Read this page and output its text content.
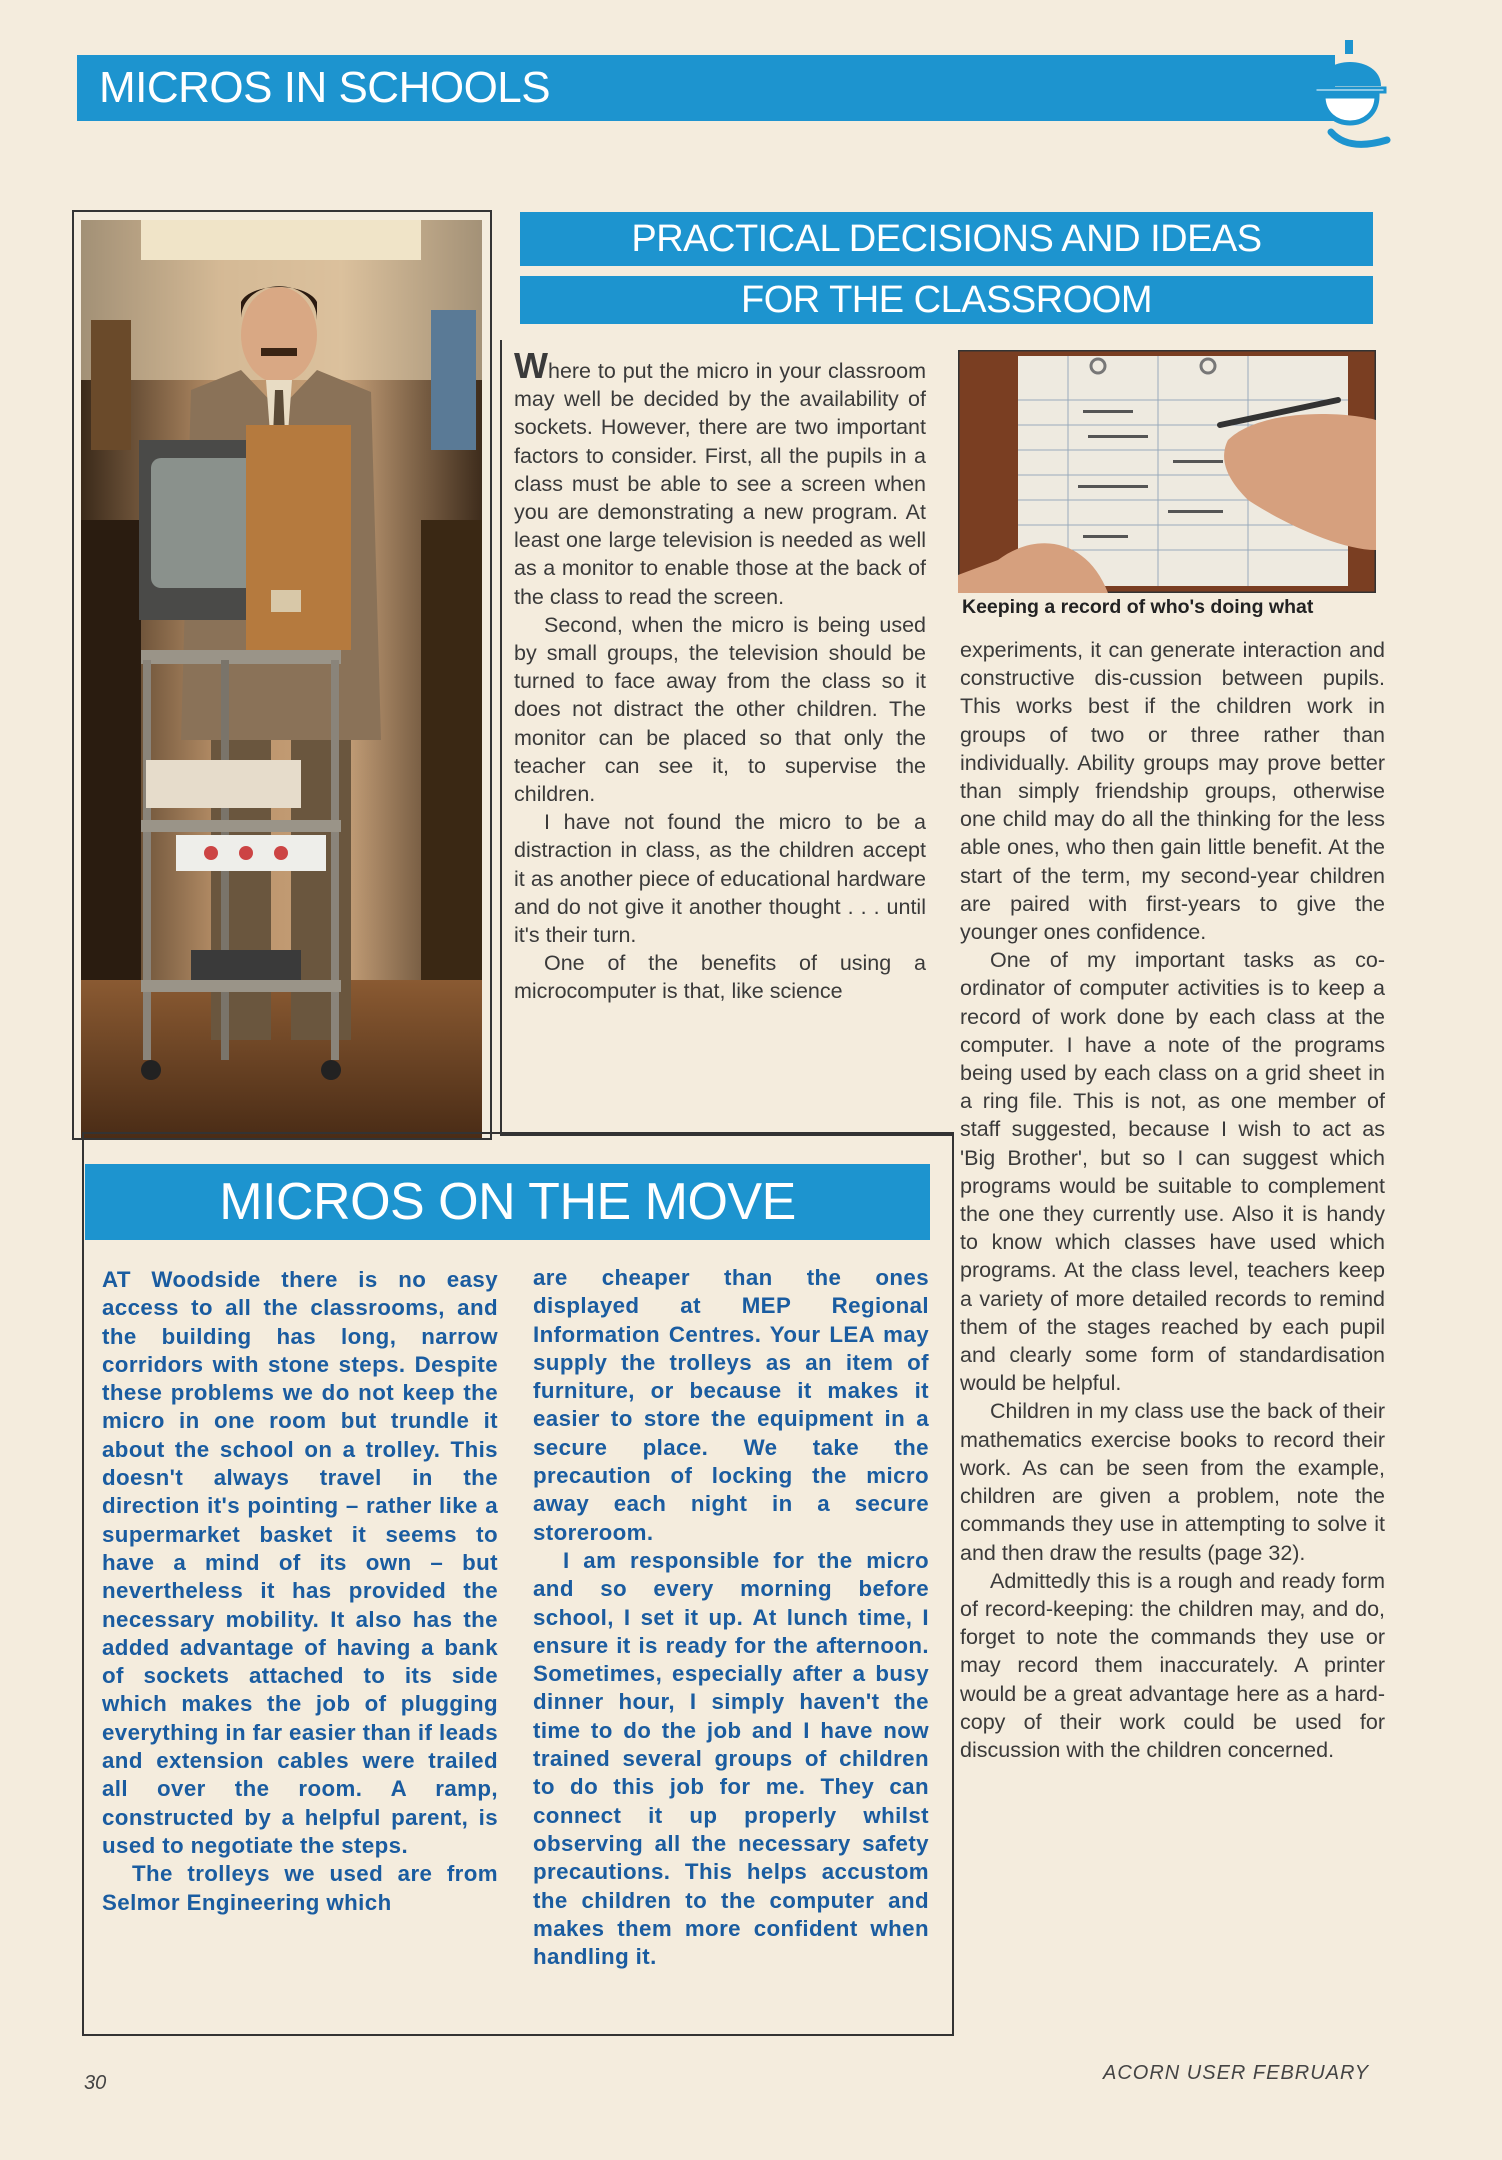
MICROS IN SCHOOLS
PRACTICAL DECISIONS AND IDEAS
FOR THE CLASSROOM

Where to put the micro in your classroom may well be decided by the availability of sockets. However, there are two important factors to consider. First, all the pupils in a class must be able to see a screen when you are demonstrating a new program. At least one large television is needed as well as a monitor to enable those at the back of the class to read the screen.

Second, when the micro is being used by small groups, the television should be turned to face away from the class so it does not distract the other children. The monitor can be placed so that only the teacher can see it, to supervise the children.

I have not found the micro to be a distraction in class, as the children accept it as another piece of educational hardware and do not give it another thought . . . until it's their turn.

One of the benefits of using a microcomputer is that, like science

Keeping a record of who's doing what

experiments, it can generate interaction and constructive dis-cussion between pupils. This works best if the children work in groups of two or three rather than individually. Ability groups may prove better than simply friendship groups, otherwise one child may do all the thinking for the less able ones, who then gain little benefit. At the start of the term, my second-year children are paired with first-years to give the younger ones confidence.

One of my important tasks as co-ordinator of computer activities is to keep a record of work done by each class at the computer. I have a note of the programs being used by each class on a grid sheet in a ring file. This is not, as one member of staff suggested, because I wish to act as 'Big Brother', but so I can suggest which programs would be suitable to complement the one they currently use. Also it is handy to know which classes have used which programs. At the class level, teachers keep a variety of more detailed records to remind them of the stages reached by each pupil and clearly some form of standardisation would be helpful.

Children in my class use the back of their mathematics exercise books to record their work. As can be seen from the example, children are given a problem, note the commands they use in attempting to solve it and then draw the results (page 32).

Admittedly this is a rough and ready form of record-keeping: the children may, and do, forget to note the commands they use or may record them inaccurately. A printer would be a great advantage here as a hard-copy of their work could be used for discussion with the children concerned.

MICROS ON THE MOVE

AT Woodside there is no easy access to all the classrooms, and the building has long, narrow corridors with stone steps. Despite these problems we do not keep the micro in one room but trundle it about the school on a trolley. This doesn't always travel in the direction it's pointing – rather like a supermarket basket it seems to have a mind of its own – but nevertheless it has provided the necessary mobility. It also has the added advantage of having a bank of sockets attached to its side which makes the job of plugging everything in far easier than if leads and extension cables were trailed all over the room. A ramp, constructed by a helpful parent, is used to negotiate the steps.

The trolleys we used are from Selmor Engineering which

are cheaper than the ones displayed at MEP Regional Information Centres. Your LEA may supply the trolleys as an item of furniture, or because it makes it easier to store the equipment in a secure place. We take the precaution of locking the micro away each night in a secure storeroom.

I am responsible for the micro and so every morning before school, I set it up. At lunch time, I ensure it is ready for the afternoon. Sometimes, especially after a busy dinner hour, I simply haven't the time to do the job and I have now trained several groups of children to do this job for me. They can connect it up properly whilst observing all the necessary safety precautions. This helps accustom the children to the computer and makes them more confident when handling it.

30	ACORN USER FEBRUARY
